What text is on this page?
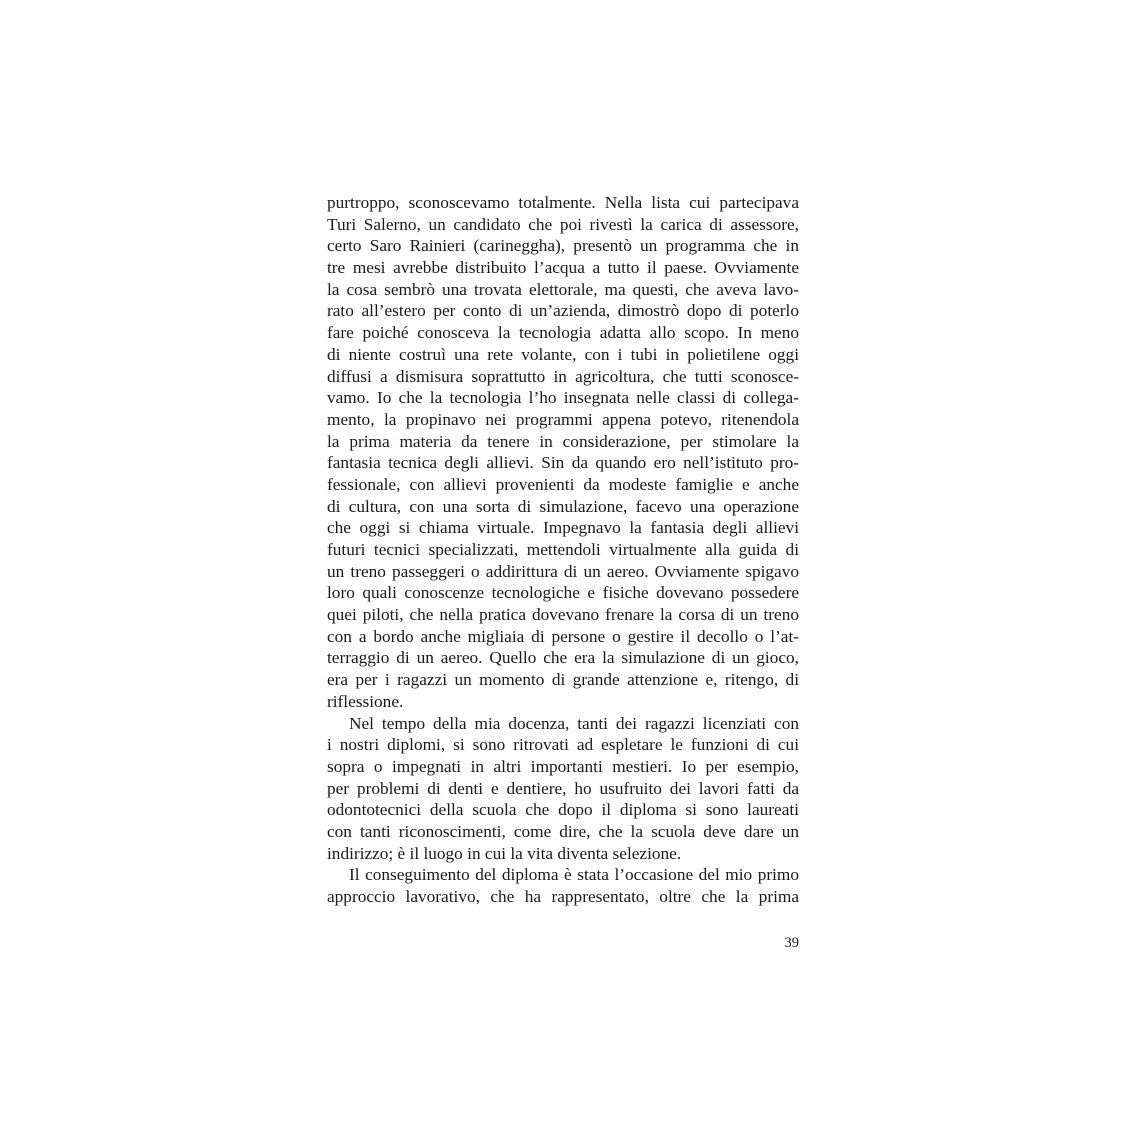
purtroppo, sconoscevamo totalmente. Nella lista cui partecipava
Turi Salerno, un candidato che poi rivestì la carica di assessore,
certo Saro Rainieri (carineggha), presentò un programma che in
tre mesi avrebbe distribuito l’acqua a tutto il paese. Ovviamente
la cosa sembrò una trovata elettorale, ma questi, che aveva lavo-
rato all’estero per conto di un’azienda, dimostrò dopo di poterlo
fare poiché conosceva la tecnologia adatta allo scopo. In meno
di niente costruì una rete volante, con i tubi in polietilene oggi
diffusi a dismisura soprattutto in agricoltura, che tutti sconosce-
vamo. Io che la tecnologia l’ho insegnata nelle classi di collega-
mento, la propinavo nei programmi appena potevo, ritenendola
la prima materia da tenere in considerazione, per stimolare la
fantasia tecnica degli allievi. Sin da quando ero nell’istituto pro-
fessionale, con allievi provenienti da modeste famiglie e anche
di cultura, con una sorta di simulazione, facevo una operazione
che oggi si chiama virtuale. Impegnavo la fantasia degli allievi
futuri tecnici specializzati, mettendoli virtualmente alla guida di
un treno passeggeri o addirittura di un aereo. Ovviamente spigavo
loro quali conoscenze tecnologiche e fisiche dovevano possedere
quei piloti, che nella pratica dovevano frenare la corsa di un treno
con a bordo anche migliaia di persone o gestire il decollo o l’at-
terraggio di un aereo. Quello che era la simulazione di un gioco,
era per i ragazzi un momento di grande attenzione e, ritengo, di
riflessione.
Nel tempo della mia docenza, tanti dei ragazzi licenziati con
i nostri diplomi, si sono ritrovati ad espletare le funzioni di cui
sopra o impegnati in altri importanti mestieri. Io per esempio,
per problemi di denti e dentiere, ho usufruito dei lavori fatti da
odontotecnici della scuola che dopo il diploma si sono laureati
con tanti riconoscimenti, come dire, che la scuola deve dare un
indirizzo; è il luogo in cui la vita diventa selezione.
Il conseguimento del diploma è stata l’occasione del mio primo
approccio lavorativo, che ha rappresentato, oltre che la prima
39
